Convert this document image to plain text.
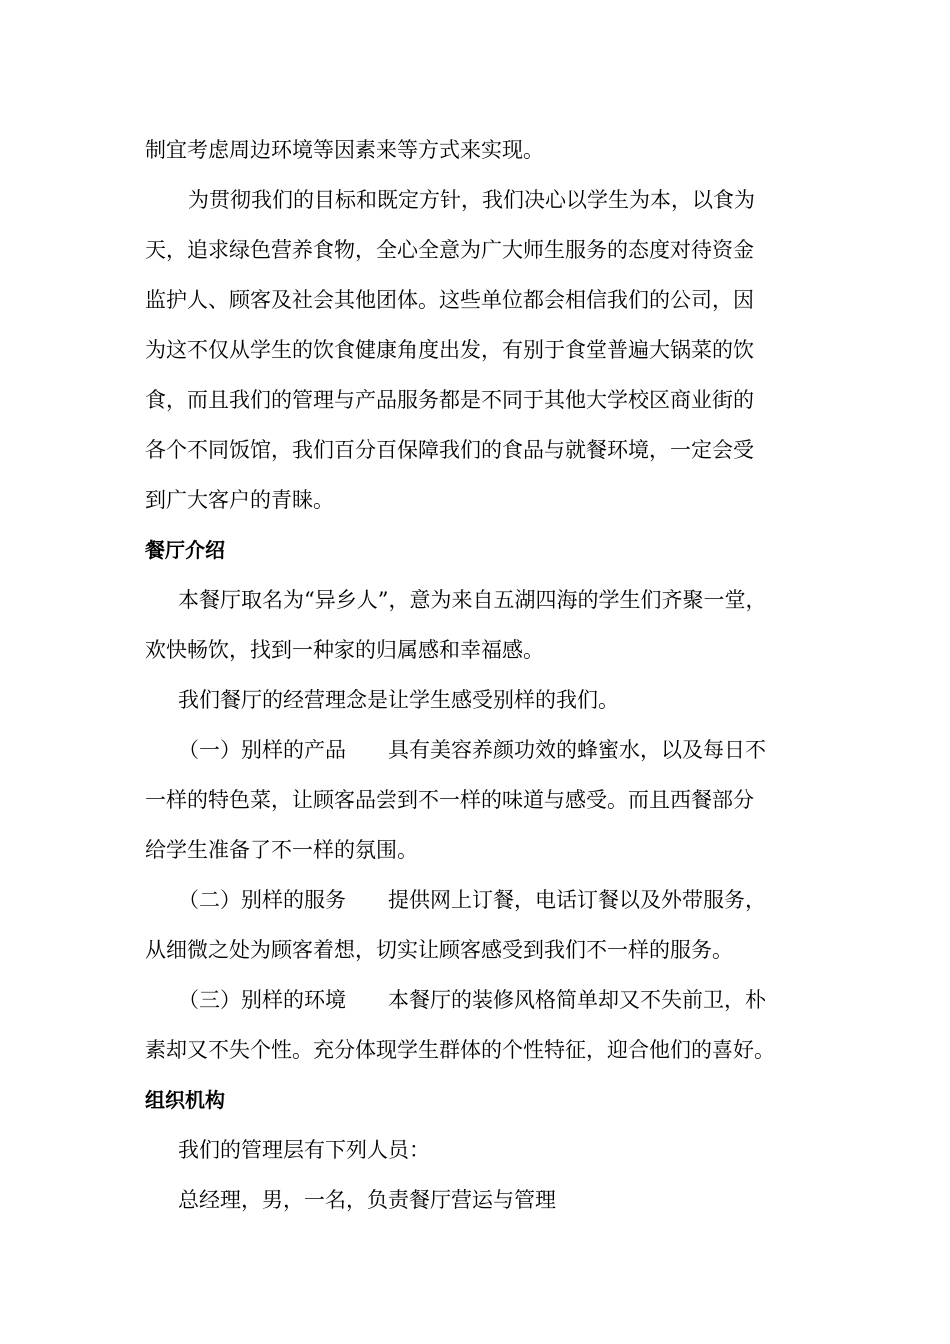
制宜考虑周边环境等因素来等方式来实现。

为贯彻我们的目标和既定方针，我们决心以学生为本，以食为

天，追求绿色营养食物，全心全意为广大师生服务的态度对待资金

监护人、顾客及社会其他团体。这些单位都会相信我们的公司，因

为这不仅从学生的饮食健康角度出发，有别于食堂普遍大锅菜的饮

食，而且我们的管理与产品服务都是不同于其他大学校区商业街的

各个不同饭馆，我们百分百保障我们的食品与就餐环境，一定会受

到广大客户的青睐。

餐厅介绍

本餐厅取名为“异乡人”，意为来自五湖四海的学生们齐聚一堂，

欢快畅饮，找到一种家的归属感和幸福感。

我们餐厅的经营理念是让学生感受别样的我们。

（一）别样的产品 具有美容养颜功效的蜂蜜水，以及每日不

一样的特色菜，让顾客品尝到不一样的味道与感受。而且西餐部分

给学生准备了不一样的氛围。

（二）别样的服务 提供网上订餐，电话订餐以及外带服务，

从细微之处为顾客着想，切实让顾客感受到我们不一样的服务。

（三）别样的环境 本餐厅的装修风格简单却又不失前卫，朴

素却又不失个性。充分体现学生群体的个性特征，迎合他们的喜好。

组织机构

我们的管理层有下列人员：

总经理，男，一名，负责餐厅营运与管理
